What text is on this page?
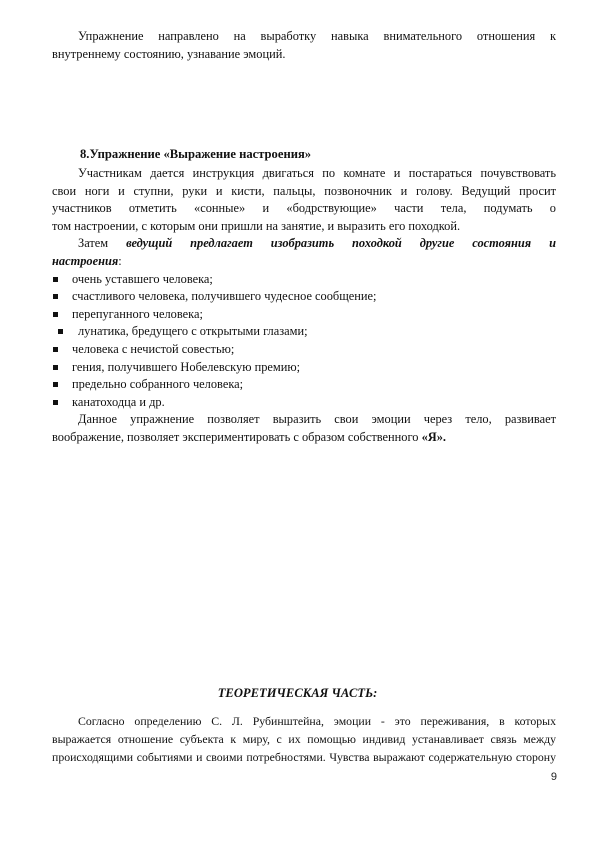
Упражнение направлено на выработку навыка внимательного отношения к
внутреннему состоянию, узнавание эмоций.
8.Упражнение «Выражение настроения»
Участникам дается инструкция двигаться по комнате и постараться почувствовать
свои ноги и ступни, руки и кисти, пальцы, позвоночник и голову. Ведущий просит
участников отметить «сонные» и «бодрствующие» части тела, подумать о
том настроении, с которым они пришли на занятие, и выразить его походкой.
Затем ведущий предлагает изобразить походкой другие состояния и
настроения:
очень уставшего человека;
счастливого человека, получившего чудесное сообщение;
перепуганного человека;
лунатика, бредущего с открытыми глазами;
человека с нечистой совестью;
гения, получившего Нобелевскую премию;
предельно собранного человека;
канатоходца и др.
Данное упражнение позволяет выразить свои эмоции через тело, развивает
воображение, позволяет экспериментировать с образом собственного «Я».
ТЕОРЕТИЧЕСКАЯ ЧАСТЬ:
Согласно определению С. Л. Рубинштейна, эмоции - это переживания, в которых
выражается отношение субъекта к миру, с их помощью индивид устанавливает связь между
происходящими событиями и своими потребностями. Чувства выражают содержательную сторону
9
